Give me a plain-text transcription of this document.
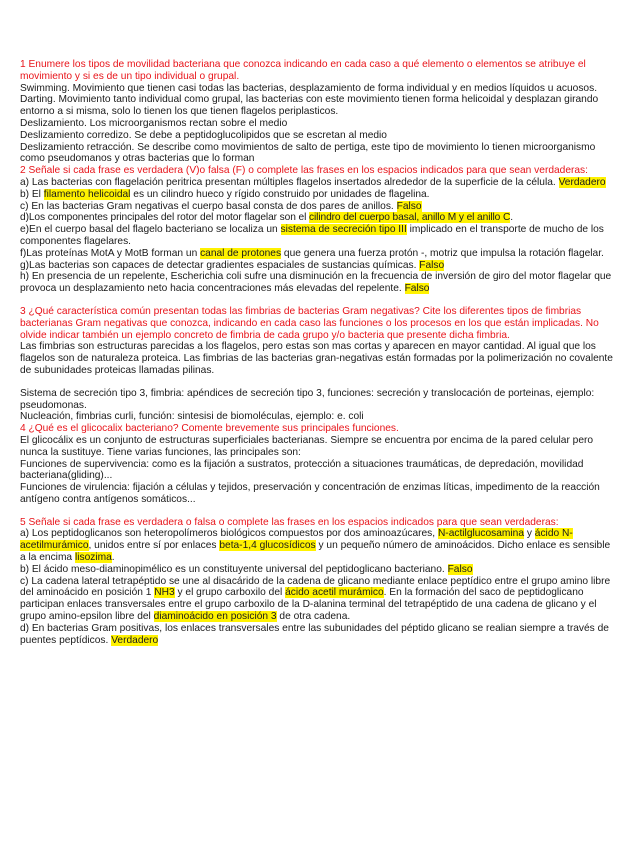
1 Enumere los tipos de movilidad bacteriana que conozca indicando en cada caso a qué elemento o elementos se atribuye el movimiento y si es de un tipo individual o grupal.

Swimming. Movimiento que tienen casi todas las bacterias, desplazamiento de forma individual y en medios líquidos u acuosos.

Darting. Movimiento tanto individual como grupal, las bacterias con este movimiento tienen forma helicoidal y desplazan girando entorno a si misma, solo lo tienen los que tienen flagelos periplasticos.

Deslizamiento. Los microorganismos rectan sobre el medio

Deslizamiento corredizo. Se debe a peptidoglucolipidos que se escretan al medio

Deslizamiento retracción. Se describe como movimientos de salto de pertiga, este tipo de movimiento lo tienen microorganismo como pseudomanos y otras bacterias que lo forman

2 Señale si cada frase es verdadera (V)o falsa (F) o complete las frases en los espacios indicados para que sean verdaderas:

a) Las bacterias con flagelación peritrica presentan múltiples flagelos insertados alrededor de la superficie de la célula. Verdadero

b) El filamento helicoidal es un cilindro hueco y rígido construido por unidades de flagelina.

c) En las bacterias Gram negativas el cuerpo basal consta de dos pares de anillos. Falso

d)Los componentes principales del rotor del motor flagelar son el cilindro del cuerpo basal, anillo M y el anillo C.

e)En el cuerpo basal del flagelo bacteriano se localiza un sistema de secreción tipo III implicado en el transporte de mucho de los componentes flagelares.

f)Las proteínas MotA y MotB forman un canal de protones que genera una fuerza protón -, motriz que impulsa la rotación flagelar.

g)Las bacterias son capaces de detectar gradientes espaciales de sustancias químicas. Falso

h) En presencia de un repelente, Escherichia coli sufre una disminución en la frecuencia de inversión de giro del motor flagelar que provoca un desplazamiento neto hacia concentraciones más elevadas del repelente. Falso

3 ¿Qué característica común presentan todas las fimbrias de bacterias Gram negativas? Cite los diferentes tipos de fimbrias bacterianas Gram negativas que conozca, indicando en cada caso las funciones o los procesos en los que están implicadas. No olvide indicar también un ejemplo concreto de fimbria de cada grupo y/o bacteria que presente dicha fimbria.

Las fimbrias son estructuras parecidas a los flagelos, pero estas son mas cortas y aparecen en mayor cantidad. Al igual que los flagelos son de naturaleza proteica. Las fimbrias de las bacterias gran-negativas están formadas por la polimerización no covalente de subunidades proteicas llamadas pilinas.

Sistema de secreción tipo 3, fimbria: apéndices de secreción tipo 3, funciones: secreción y translocación de porteinas, ejemplo: pseudomonas.

Nucleación, fimbrias curli, función: sintesisi de biomoléculas, ejemplo: e. coli

4 ¿Qué es el glicocalix bacteriano? Comente brevemente sus principales funciones.

El glicocálix es un conjunto de estructuras superficiales bacterianas. Siempre se encuentra por encima de la pared celular pero nunca la sustituye. Tiene varias funciones, las principales son:

Funciones de supervivencia: como es la fijación a sustratos, protección a situaciones traumáticas, de depredación, movilidad bacteriana(gliding)...

Funciones de virulencia: fijación a células y tejidos, preservación y concentración de enzimas líticas, impedimento de la reacción antígeno contra antígenos somáticos...

5 Señale si cada frase es verdadera o falsa o complete las frases en los espacios indicados para que sean verdaderas:

a) Los peptidoglicanos son heteropolímeros biológicos compuestos por dos aminoazúcares, N-actilglucosamina y ácido N-acetilmurámico, unidos entre sí por enlaces beta-1,4 glucosídicos y un pequeño número de aminoácidos. Dicho enlace es sensible a la encima lisozima.

b) El ácido meso-diaminopimélico es un constituyente universal del peptidoglicano bacteriano. Falso

c) La cadena lateral tetrapéptido se une al disacárido de la cadena de glicano mediante enlace peptídico entre el grupo amino libre del aminoácido en posición 1 NH3 y el grupo carboxilo del ácido acetil murámico. En la formación del saco de peptidoglicano participan enlaces transversales entre el grupo carboxilo de la D-alanina terminal del tetrapéptido de una cadena de glicano y el grupo amino-epsilon libre del diaminoácido en posición 3 de otra cadena.

d) En bacterias Gram positivas, los enlaces transversales entre las subunidades del péptido glicano se realian siempre a través de puentes peptídicos. Verdadero
